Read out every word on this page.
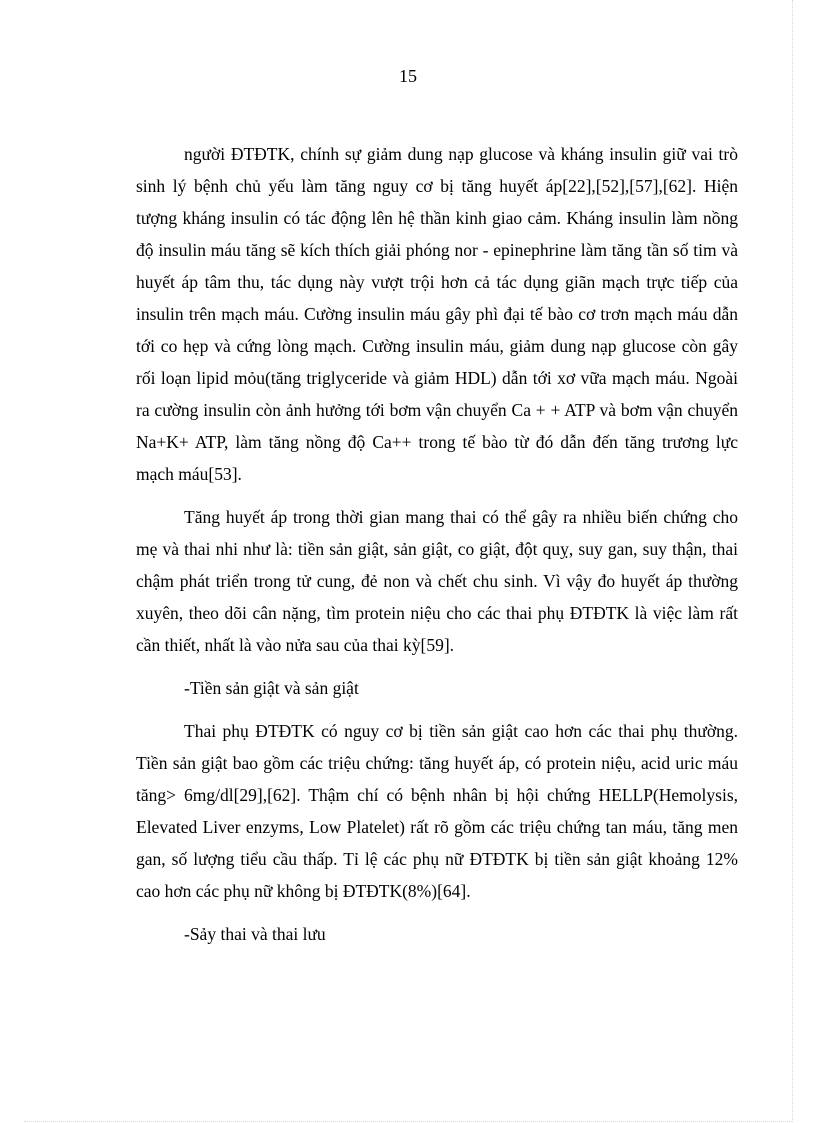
15

người ĐTĐTK, chính sự giảm dung nạp glucose và kháng insulin giữ vai trò sinh lý bệnh chủ yếu làm tăng nguy cơ bị tăng huyết áp[22],[52],[57],[62]. Hiện tượng kháng insulin có tác động lên hệ thần kinh giao cảm. Kháng insulin làm nồng độ insulin máu tăng sẽ kích thích giải phóng nor - epinephrine làm tăng tần số tim và huyết áp tâm thu, tác dụng này vượt trội hơn cả tác dụng giãn mạch trực tiếp của insulin trên mạch máu. Cường insulin máu gây phì đại tế bào cơ trơn mạch máu dẫn tới co hẹp và cứng lòng mạch. Cường insulin máu, giảm dung nạp glucose còn gây rối loạn lipid mỏu(tăng triglyceride và giảm HDL) dẫn tới xơ vữa mạch máu. Ngoài ra cường insulin còn ảnh hưởng tới bơm vận chuyển Ca + + ATP và bơm vận chuyển Na+K+ ATP, làm tăng nồng độ Ca++ trong tế bào từ đó dẫn đến tăng trương lực mạch máu[53].

Tăng huyết áp trong thời gian mang thai có thể gây ra nhiều biến chứng cho mẹ và thai nhi như là: tiền sản giật, sản giật, co giật, đột quỵ, suy gan, suy thận, thai chậm phát triển trong tử cung, đẻ non và chết chu sinh. Vì vậy đo huyết áp thường xuyên, theo dõi cân nặng, tìm protein niệu cho các thai phụ ĐTĐTK là việc làm rất cần thiết, nhất là vào nửa sau của thai kỳ[59].

-Tiền sản giật và sản giật

Thai phụ ĐTĐTK có nguy cơ bị tiền sản giật cao hơn các thai phụ thường. Tiền sản giật bao gồm các triệu chứng: tăng huyết áp, có protein niệu, acid uric máu tăng> 6mg/dl[29],[62]. Thậm chí có bệnh nhân bị hội chứng HELLP(Hemolysis, Elevated Liver enzyms, Low Platelet) rất rõ gồm các triệu chứng tan máu, tăng men gan, số lượng tiểu cầu thấp. Tỉ lệ các phụ nữ ĐTĐTK bị tiền sản giật khoảng 12% cao hơn các phụ nữ không bị ĐTĐTK(8%)[64].

-Sảy thai và thai lưu
